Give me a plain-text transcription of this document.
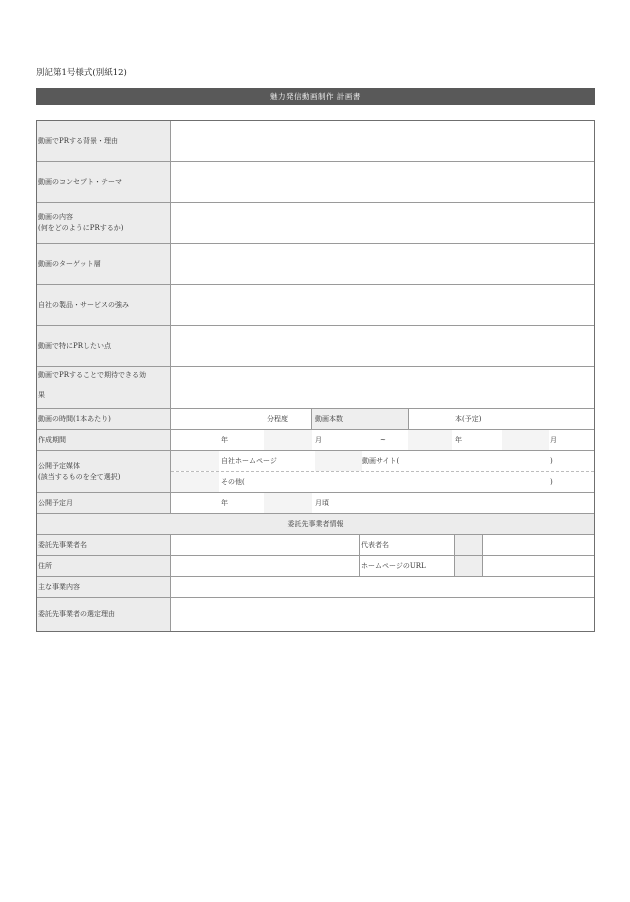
別記第1号様式(別紙12)
魅力発信動画制作 計画書
動画でPRする背景・理由
動画のコンセプト・テーマ
動画の内容
(何をどのようにPRするか)
動画のターゲット層
自社の製品・サービスの強み
動画で特にPRしたい点
動画でPRすることで期待できる効
果
動画の時間(1本あたり)	分程度	動画本数	本(予定)
作成期間	年	月	~	年	月
公開予定媒体
(該当するものを全て選択)
自社ホームページ	動画サイト(	)
その他(	)
公開予定月	年	月頃
委託先事業者情報
委託先事業者名	代表者名
住所	ホームページのURL
主な事業内容
委託先事業者の選定理由
